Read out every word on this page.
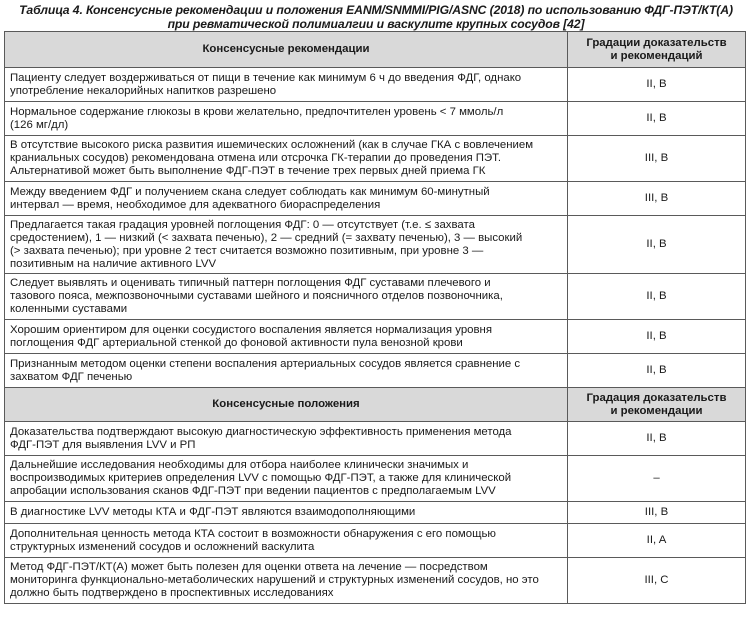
Таблица 4. Консенсусные рекомендации и положения EANM/SNMMI/PIG/ASNC (2018) по использованию ФДГ-ПЭТ/КТ(А)
при ревматической полимиалгии и васкулите крупных сосудов [42]
Консенсусные рекомендации	Градации доказательств
и рекомендаций

Пациенту следует воздерживаться от пищи в течение как минимум 6 ч до введения ФДГ, однако
употребление некалорийных напитков разрешено	II, B

Нормальное содержание глюкозы в крови желательно, предпочтителен уровень < 7 ммоль/л
(126 мг/дл)	II, B

В отсутствие высокого риска развития ишемических осложнений (как в случае ГКА с вовлечением
краниальных сосудов) рекомендована отмена или отсрочка ГК-терапии до проведения ПЭТ.
Альтернативой может быть выполнение ФДГ-ПЭТ в течение трех первых дней приема ГК	III, B

Между введением ФДГ и получением скана следует соблюдать как минимум 60-минутный
интервал — время, необходимое для адекватного биораспределения	III, B

Предлагается такая градация уровней поглощения ФДГ: 0 — отсутствует (т.е. ≤ захвата
средостением), 1 — низкий (< захвата печенью), 2 — средний (= захвату печенью), 3 — высокий
(> захвата печенью); при уровне 2 тест считается возможно позитивным, при уровне 3 —
позитивным на наличие активного LVV	II, B

Следует выявлять и оценивать типичный паттерн поглощения ФДГ суставами плечевого и
тазового пояса, межпозвоночными суставами шейного и поясничного отделов позвоночника,
коленными суставами	II, B

Хорошим ориентиром для оценки сосудистого воспаления является нормализация уровня
поглощения ФДГ артериальной стенкой до фоновой активности пула венозной крови	II, B

Признанным методом оценки степени воспаления артериальных сосудов является сравнение с
захватом ФДГ печенью	II, B
Консенсусные положения	Градация доказательств
и рекомендации

Доказательства подтверждают высокую диагностическую эффективность применения метода
ФДГ-ПЭТ для выявления LVV и РП	II, B

Дальнейшие исследования необходимы для отбора наиболее клинически значимых и
воспроизводимых критериев определения LVV с помощью ФДГ-ПЭТ, а также для клинической
апробации использования сканов ФДГ-ПЭТ при ведении пациентов с предполагаемым LVV	–

В диагностике LVV методы КТА и ФДГ-ПЭТ являются взаимодополняющими	III, B

Дополнительная ценность метода КТА состоит в возможности обнаружения с его помощью
структурных изменений сосудов и осложнений васкулита	II, A

Метод ФДГ-ПЭТ/КТ(А) может быть полезен для оценки ответа на лечение — посредством
мониторинга функционально-метаболических нарушений и структурных изменений сосудов, но это
должно быть подтверждено в проспективных исследованиях	III, C
